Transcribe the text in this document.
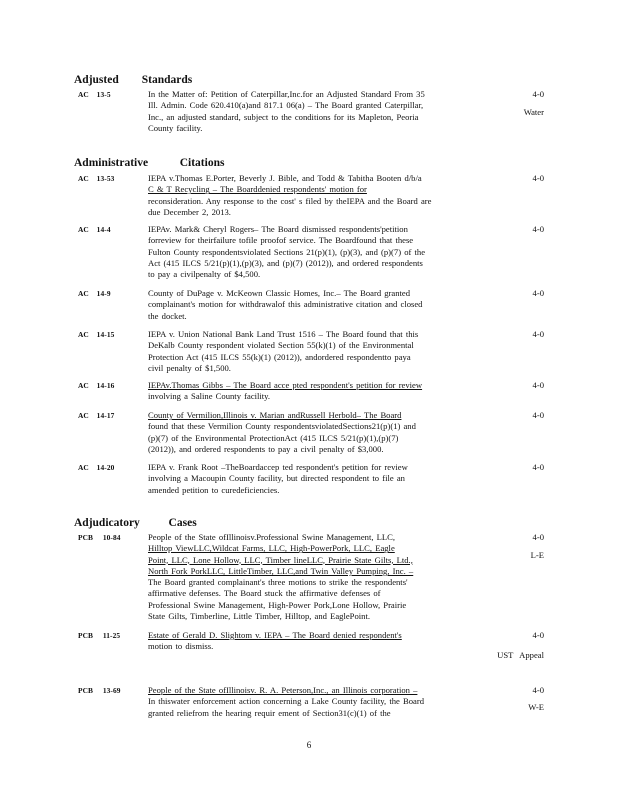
Adjusted        Standards
AC    13-5	In the Matter of: Petition of Caterpillar,Inc.for an Adjusted Standard From 35
Ill. Admin. Code 620.410(a)and 817.1 06(a) – The Board granted Caterpillar,
Inc., an adjusted standard, subject to the conditions for its Mapleton, Peoria
County facility.
4-0
Water
Administrative           Citations
AC    13-53	IEPA v.Thomas E.Porter, Beverly J. Bible, and Todd & Tabitha Booten d/b/a
C & T Recycling – The Boarddenied respondents' motion for
reconsideration. Any response to the cost' s filed by theIEPA and the Board are
due December 2, 2013.
4-0
AC    14-4	IEPAv. Mark& Cheryl Rogers– The Board dismissed respondents'petition
forreview for theirfailure tofile proofof service. The Boardfound that these
Fulton County respondentsviolated Sections 21(p)(1), (p)(3), and (p)(7) of the
Act (415 ILCS 5/21(p)(1),(p)(3), and (p)(7) (2012)), and ordered respondents
to pay a civilpenalty of $4,500.
4-0
AC    14-9	County of DuPage v. McKeown Classic Homes, Inc.– The Board granted
complainant's motion for withdrawalof this administrative citation and closed
the docket.
4-0
AC    14-15	IEPA v. Union National Bank Land Trust 1516 – The Board found that this
DeKalb County respondent violated Section 55(k)(1) of the Environmental
Protection Act (415 ILCS 55(k)(1) (2012)), andordered respondentto paya
civil penalty of $1,500.
4-0
AC    14-16	IEPAv.Thomas Gibbs – The Board acce pted respondent's petition for review
involving a Saline County facility.
4-0
AC    14-17	County of Vermilion,Illinois v. Marian andRussell Herbold– The Board
found that these Vermilion County respondentsviolatedSections21(p)(1) and
(p)(7) of the Environmental ProtectionAct (415 ILCS 5/21(p)(1),(p)(7)
(2012)), and ordered respondents to pay a civil penalty of $3,000.
4-0
AC    14-20	IEPA v. Frank Root –TheBoardaccep ted respondent's petition for review
involving a Macoupin County facility, but directed respondent to file an
amended petition to curedeficiencies.
4-0
Adjudicatory          Cases
PCB     10-84	People of the State ofIllinoisv.Professional Swine Management, LLC,
Hilltop ViewLLC,Wildcat Farms, LLC, High-PowerPork, LLC, Eagle
Point, LLC, Lone Hollow, LLC, Timber lineLLC, Prairie State Gilts, Ltd.,
North Fork PorkLLC, LittleTimber, LLC,and Twin Valley Pumping, Inc. –
The Board granted complainant's three motions to strike the respondents'
affirmative defenses. The Board stuck the affirmative defenses of
Professional Swine Management, High-Power Pork,Lone Hollow, Prairie
State Gilts, Timberline, Little Timber, Hilltop, and EaglePoint.
4-0
L-E
PCB     11-25	Estate of Gerald D. Slightom v. IEPA – The Board denied respondent's
motion to dismiss.
4-0
UST   Appeal
PCB     13-69	People of the State ofIllinoisv. R. A. Peterson,Inc., an Illinois corporation –
In thiswater enforcement action concerning a Lake County facility, the Board
granted reliefrom the hearing requir ement of Section31(c)(1) of the
4-0
W-E
6
